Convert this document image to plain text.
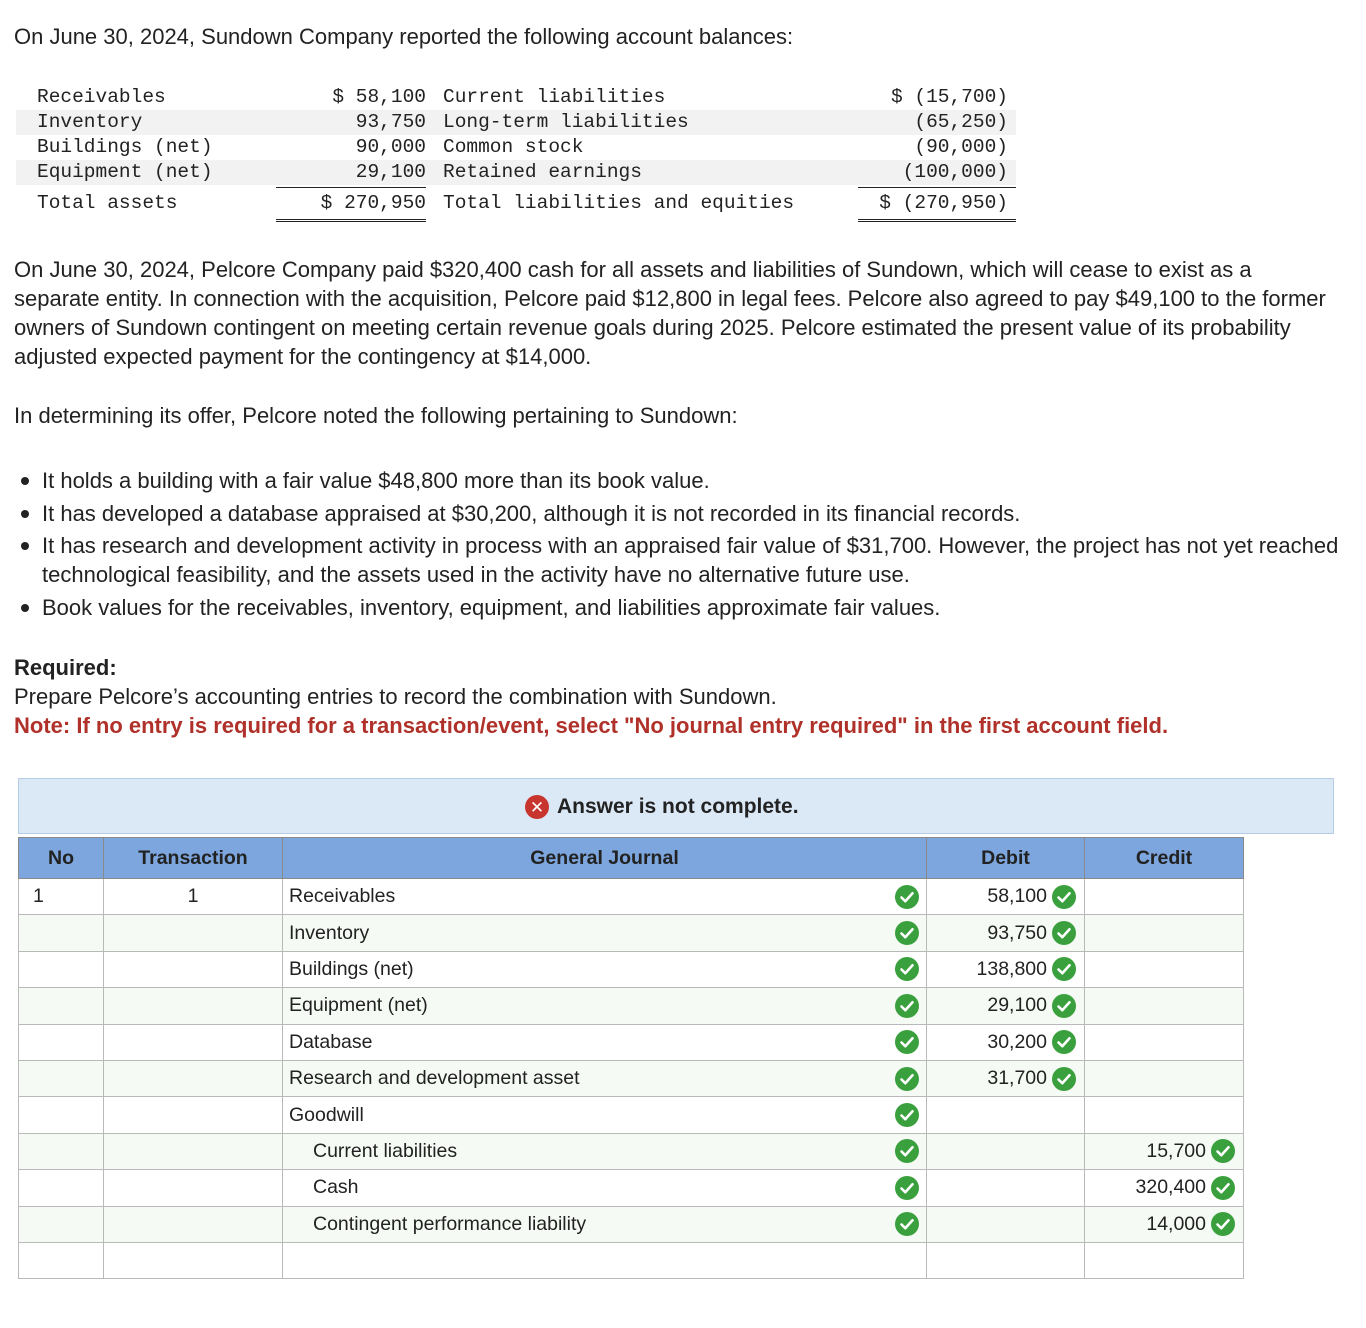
On June 30, 2024, Sundown Company reported the following account balances:

Receivables	$ 58,100 Current liabilities	$ (15,700)
Inventory	93,750 Long-term liabilities	(65,250)
Buildings (net)	90,000 Common stock	(90,000)
Equipment (net)	29,100 Retained earnings	(100,000)
Total assets	$ 270,950 Total liabilities and equities	$ (270,950)

On June 30, 2024, Pelcore Company paid $320,400 cash for all assets and liabilities of Sundown, which will cease to exist as a separate entity. In connection with the acquisition, Pelcore paid $12,800 in legal fees. Pelcore also agreed to pay $49,100 to the former owners of Sundown contingent on meeting certain revenue goals during 2025. Pelcore estimated the present value of its probability adjusted expected payment for the contingency at $14,000.

In determining its offer, Pelcore noted the following pertaining to Sundown:

It holds a building with a fair value $48,800 more than its book value.
It has developed a database appraised at $30,200, although it is not recorded in its financial records.
It has research and development activity in process with an appraised fair value of $31,700. However, the project has not yet reached technological feasibility, and the assets used in the activity have no alternative future use.
Book values for the receivables, inventory, equipment, and liabilities approximate fair values.
Required:
Prepare Pelcore’s accounting entries to record the combination with Sundown.
Note: If no entry is required for a transaction/event, select "No journal entry required" in the first account field.
✕ Answer is not complete.
No	Transaction	General Journal	Debit	Credit
1	1	Receivables	58,100	

		Inventory	93,750	

		Buildings (net)	138,800	

		Equipment (net)	29,100	

		Database	30,200	

		Research and development asset	31,700	

		Goodwill

		Current liabilities		15,700

		Cash		320,400

		Contingent performance liability		14,000
